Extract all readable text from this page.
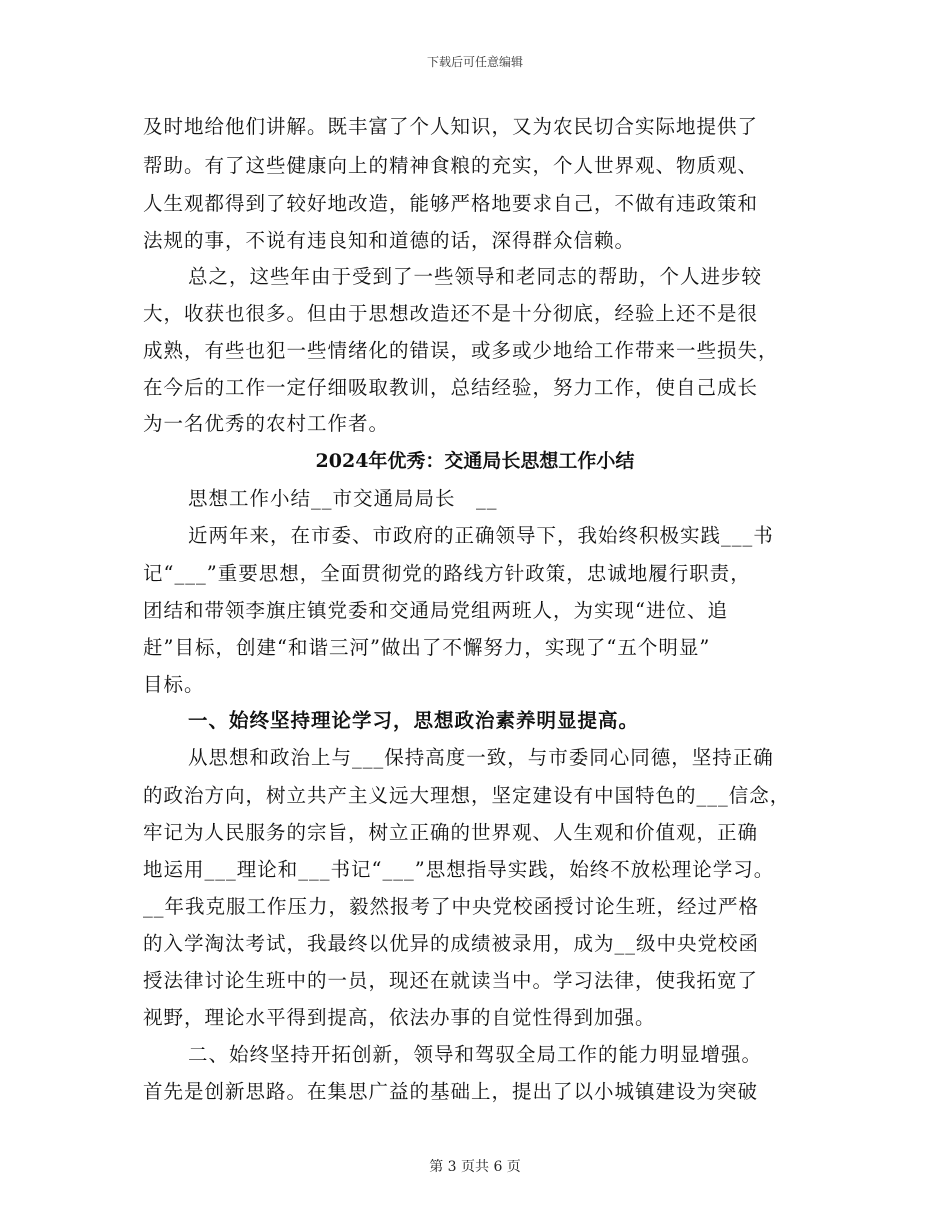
下载后可任意编辑
及时地给他们讲解。既丰富了个人知识，又为农民切合实际地提供了
帮助。有了这些健康向上的精神食粮的充实，个人世界观、物质观、
人生观都得到了较好地改造，能够严格地要求自己，不做有违政策和
法规的事，不说有违良知和道德的话，深得群众信赖。
总之，这些年由于受到了一些领导和老同志的帮助，个人进步较
大，收获也很多。但由于思想改造还不是十分彻底，经验上还不是很
成熟，有些也犯一些情绪化的错误，或多或少地给工作带来一些损失，
在今后的工作一定仔细吸取教训，总结经验，努力工作，使自己成长
为一名优秀的农村工作者。
2024年优秀：交通局长思想工作小结
思想工作小结__市交通局局长　__
近两年来，在市委、市政府的正确领导下，我始终积极实践___书
记“___”重要思想，全面贯彻党的路线方针政策，忠诚地履行职责，
团结和带领李旗庄镇党委和交通局党组两班人，为实现“进位、追
赶”目标，创建“和谐三河”做出了不懈努力，实现了“五个明显”
目标。
一、始终坚持理论学习，思想政治素养明显提高。
从思想和政治上与___保持高度一致，与市委同心同德，坚持正确
的政治方向，树立共产主义远大理想，坚定建设有中国特色的___信念，
牢记为人民服务的宗旨，树立正确的世界观、人生观和价值观，正确
地运用___理论和___书记“___”思想指导实践，始终不放松理论学习。
__年我克服工作压力，毅然报考了中央党校函授讨论生班，经过严格
的入学淘汰考试，我最终以优异的成绩被录用，成为__级中央党校函
授法律讨论生班中的一员，现还在就读当中。学习法律，使我拓宽了
视野，理论水平得到提高，依法办事的自觉性得到加强。
二、始终坚持开拓创新，领导和驾驭全局工作的能力明显增强。
首先是创新思路。在集思广益的基础上，提出了以小城镇建设为突破
第 3 页共 6 页
